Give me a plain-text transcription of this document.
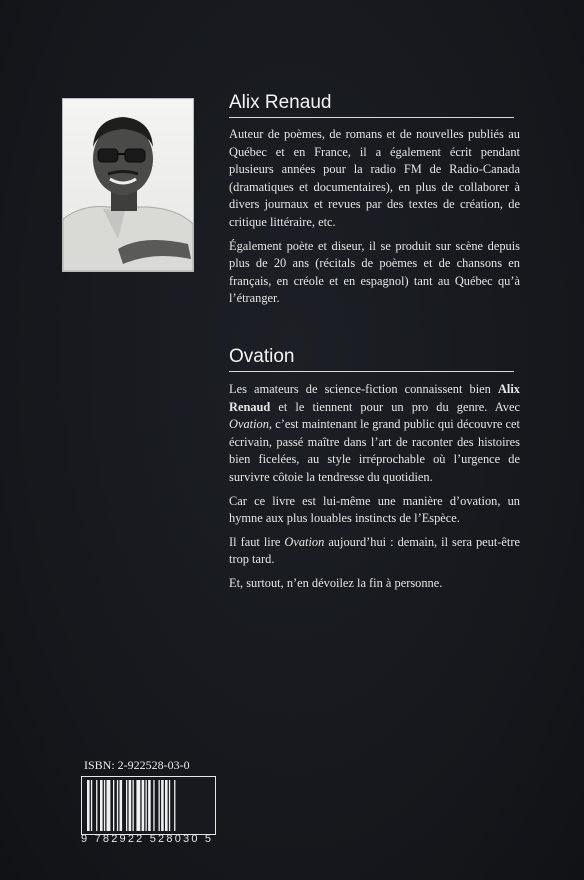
Alix Renaud

Auteur de poèmes, de romans et de nouvelles publiés au Québec et en France, il a également écrit pendant plusieurs années pour la radio FM de Radio-Canada (dramatiques et documentaires), en plus de collaborer à divers journaux et revues par des textes de création, de critique littéraire, etc.

Également poète et diseur, il se produit sur scène depuis plus de 20 ans (récitals de poèmes et de chansons en français, en créole et en espagnol) tant au Québec qu’à l’étranger.

Ovation

Les amateurs de science-fiction connaissent bien Alix Renaud et le tiennent pour un pro du genre. Avec Ovation, c’est maintenant le grand public qui découvre cet écrivain, passé maître dans l’art de raconter des histoires bien ficelées, au style irréprochable où l’urgence de survivre côtoie la tendresse du quotidien.

Car ce livre est lui-même une manière d’ovation, un hymne aux plus louables instincts de l’Espèce.

Il faut lire Ovation aujourd’hui : demain, il sera peut-être trop tard.

Et, surtout, n’en dévoilez la fin à personne.

ISBN: 2-922528-03-0
9 782922 528030 5
